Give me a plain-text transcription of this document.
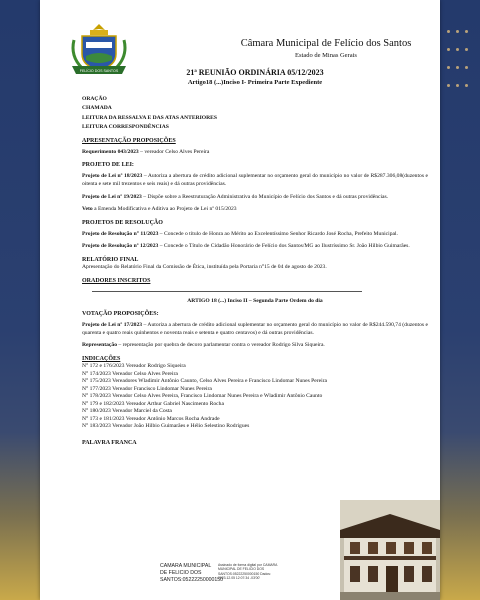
FELÍCIO DOS SANTOS
Câmara Municipal de Felício dos Santos
Estado de Minas Gerais
21ª REUNIÃO ORDINÁRIA 05/12/2023
Artigo18 (...)Inciso I- Primeira Parte Expediente
ORAÇÃO
CHAMADA
LEITURA DA RESSALVA E DAS ATAS ANTERIORES
LEITURA CORRESPONDÊNCIAS
APRESENTAÇÃO PROPOSIÇÕES

Requerimento 043/2023 – vereador Celso Alves Pereira

PROJETO DE LEI:

Projeto de Lei nº 18/2023 – Autoriza a abertura de crédito adicional suplementar no orçamento geral do município no valor de R$287.306,08(duzentos e oitenta e sete mil trezentos e seis reais) e dá outras providências.

Projeto de Lei nº 19/2023 – Dispõe sobre a Reestruturação Administrativa do Município de Felício dos Santos e dá outras providências.

Veto a Emenda Modificativa e Aditiva ao Projeto de Lei nº 015/2023

PROJETOS DE RESOLUÇÃO

Projeto de Resolução n° 11/2023 – Concede o título de Honra ao Mérito ao Excelentíssimo Senhor Ricardo José Rocha, Prefeito Municipal.

Projeto de Resolução nº 12/2023 – Concede o Título de Cidadão Honorário de Felício dos Santos/MG ao Ilustríssimo Sr. João Hilbio Guimarães.

RELATÓRIO FINAL

Apresentação do Relatório Final da Comissão de Ética, instituída pela Portaria n°15 de 04 de agosto de 2023.

ORADORES INSCRITOS
ARTIGO 18 (...) Inciso II – Segunda Parte Ordem do dia
VOTAÇÃO PROPOSIÇÕES:

Projeto de Lei nº 17/2023 – Autoriza a abertura de crédito adicional suplementar no orçamento geral do município no valor de R$244.590,74 (duzentos e quarenta e quatro reais quinhentos e noventa reais e setenta e quatro centavos) e dá outras providências.

Representação – representação por quebra de decoro parlamentar contra o vereador Rodrigo Silva Siqueira.

INDICAÇÕES
N° 172 e 176/2023 Vereador Rodrigo Siqueira
N° 174/2023 Vereador Celso Alves Pereira
N° 175/2023 Vereadores Wladimir Antônio Caunto, Celso Alves Pereira e Francisco Lindomar Nunes Pereira
N° 177/2023 Vereador Francisco Lindomar Nunes Pereira
N° 178/2023 Vereador Celso Alves Pereira, Francisco Lindomar Nunes Pereira e Wladimir Antônio Caunto
N° 179 e 182/2023 Vereador Arthur Gabriel Nascimento Rocha
N° 180/2023 Vereador Marciel da Costa
N° 173 e 181/2023 Vereador Antônio Marcos Rocha Andrade
N° 183/2023 Vereador João Hilbio Guimarães e Hélio Selestino Rodrigues
PALAVRA FRANCA
CAMARA MUNICIPAL DE FELICIO DOS SANTOS:05222250000150
Assinado de forma digital por CAMARA MUNICIPAL DE FELICIO DOS SANTOS:05222250000150 Dados: 2023.12.05 12:07:34 -03'00'
